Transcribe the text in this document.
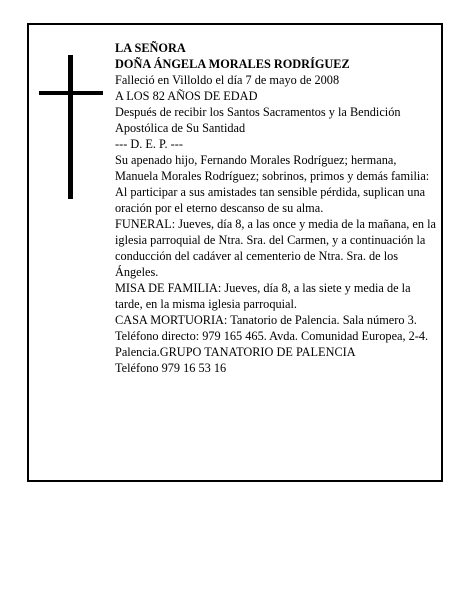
LA SEÑORA
DOÑA ÁNGELA MORALES RODRÍGUEZ
Falleció en Villoldo el día 7 de mayo de 2008
A LOS 82 AÑOS DE EDAD
Después de recibir los Santos Sacramentos y la Bendición Apostólica de Su Santidad
--- D. E. P. ---
Su apenado hijo, Fernando Morales Rodríguez; hermana, Manuela Morales Rodríguez; sobrinos, primos y demás familia:
Al participar a sus amistades tan sensible pérdida, suplican una oración por el eterno descanso de su alma.
FUNERAL: Jueves, día 8, a las once y media de la mañana, en la iglesia parroquial de Ntra. Sra. del Carmen, y a continuación la conducción del cadáver al cementerio de Ntra. Sra. de los Ángeles.
MISA DE FAMILIA: Jueves, día 8, a las siete y media de la tarde, en la misma iglesia parroquial.
CASA MORTUORIA: Tanatorio de Palencia. Sala número 3. Teléfono directo: 979 165 465. Avda. Comunidad Europea, 2-4. Palencia.GRUPO TANATORIO DE PALENCIA
Teléfono 979 16 53 16
